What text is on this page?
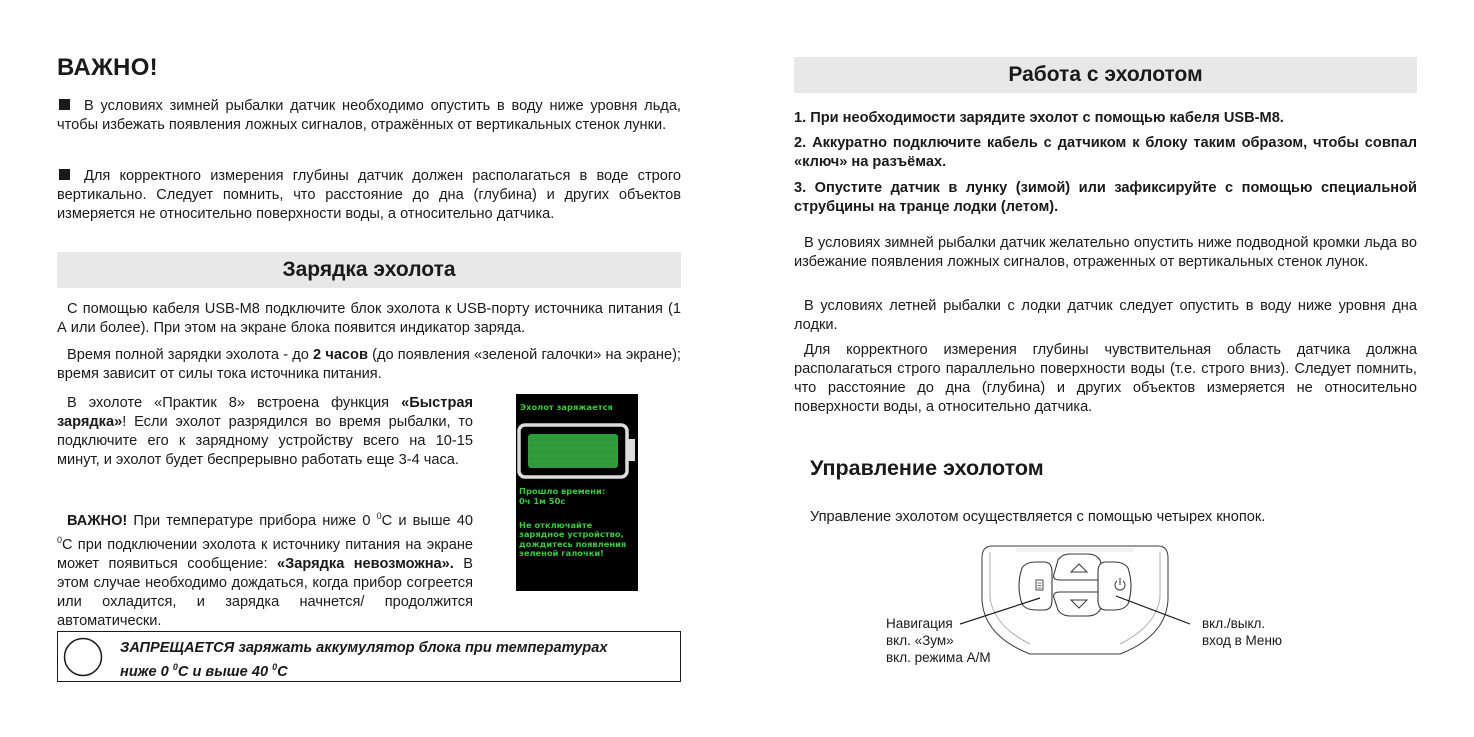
ВАЖНО!

В условиях зимней рыбалки датчик необходимо опустить в воду ниже уровня льда, чтобы избежать появления ложных сигналов, отражённых от вертикальных стенок лунки.

Для корректного измерения глубины датчик должен располагаться в воде строго вертикально. Следует помнить, что расстояние до дна (глубина) и других объектов измеряется не относительно поверхности воды, а относительно датчика.

Зарядка эхолота

С помощью кабеля USB-M8 подключите блок эхолота к USB-порту источника питания (1 А или более). При этом на экране блока появится индикатор заряда.

Время полной зарядки эхолота - до 2 часов (до появления «зеленой галочки» на экране); время зависит от силы тока источника питания.

В эхолоте «Практик 8» встроена функция «Быстрая зарядка»! Если эхолот разрядился во время рыбалки, то подключите его к зарядному устройству всего на 10-15 минут, и эхолот будет беспрерывно работать еще 3-4 часа.

ВАЖНО! При температуре прибора ниже 0 $^0$С и выше 40 $^0$С при подключении эхолота к источнику питания на экране может появиться сообщение: «Зарядка невозможна». В этом случае необходимо дождаться, когда прибор согреется или охладится, и зарядка начнется/ продолжится автоматически.

Эхолот заряжается
Прошло времени:
0ч 1м 50с
Не отключайте зарядное устройство, дождитесь появления зеленой галочки!
ЗАПРЕЩАЕТСЯ заряжать аккумулятор блока при температурах
ниже 0 $^0$С и выше 40 $^0$С
Работа с эхолотом

1. При необходимости зарядите эхолот с помощью кабеля USB-M8.

2. Аккуратно подключите кабель с датчиком к блоку таким образом, чтобы совпал «ключ» на разъёмах.

3. Опустите датчик в лунку (зимой) или зафиксируйте с помощью специальной струбцины на транце лодки (летом).

В условиях зимней рыбалки датчик желательно опустить ниже подводной кромки льда во избежание появления ложных сигналов, отраженных от вертикальных стенок лунок.

В условиях летней рыбалки с лодки датчик следует опустить в воду ниже уровня дна лодки.

Для корректного измерения глубины чувствительная область датчика должна располагаться строго параллельно поверхности воды (т.е. строго вниз). Следует помнить, что расстояние до дна (глубина) и других объектов измеряется не относительно поверхности воды, а относительно датчика.

Управление эхолотом

Управление эхолотом осуществляется с помощью четырех кнопок.

Навигация
вкл. «Зум»
вкл. режима A/M
вкл./выкл.
вход в Меню
